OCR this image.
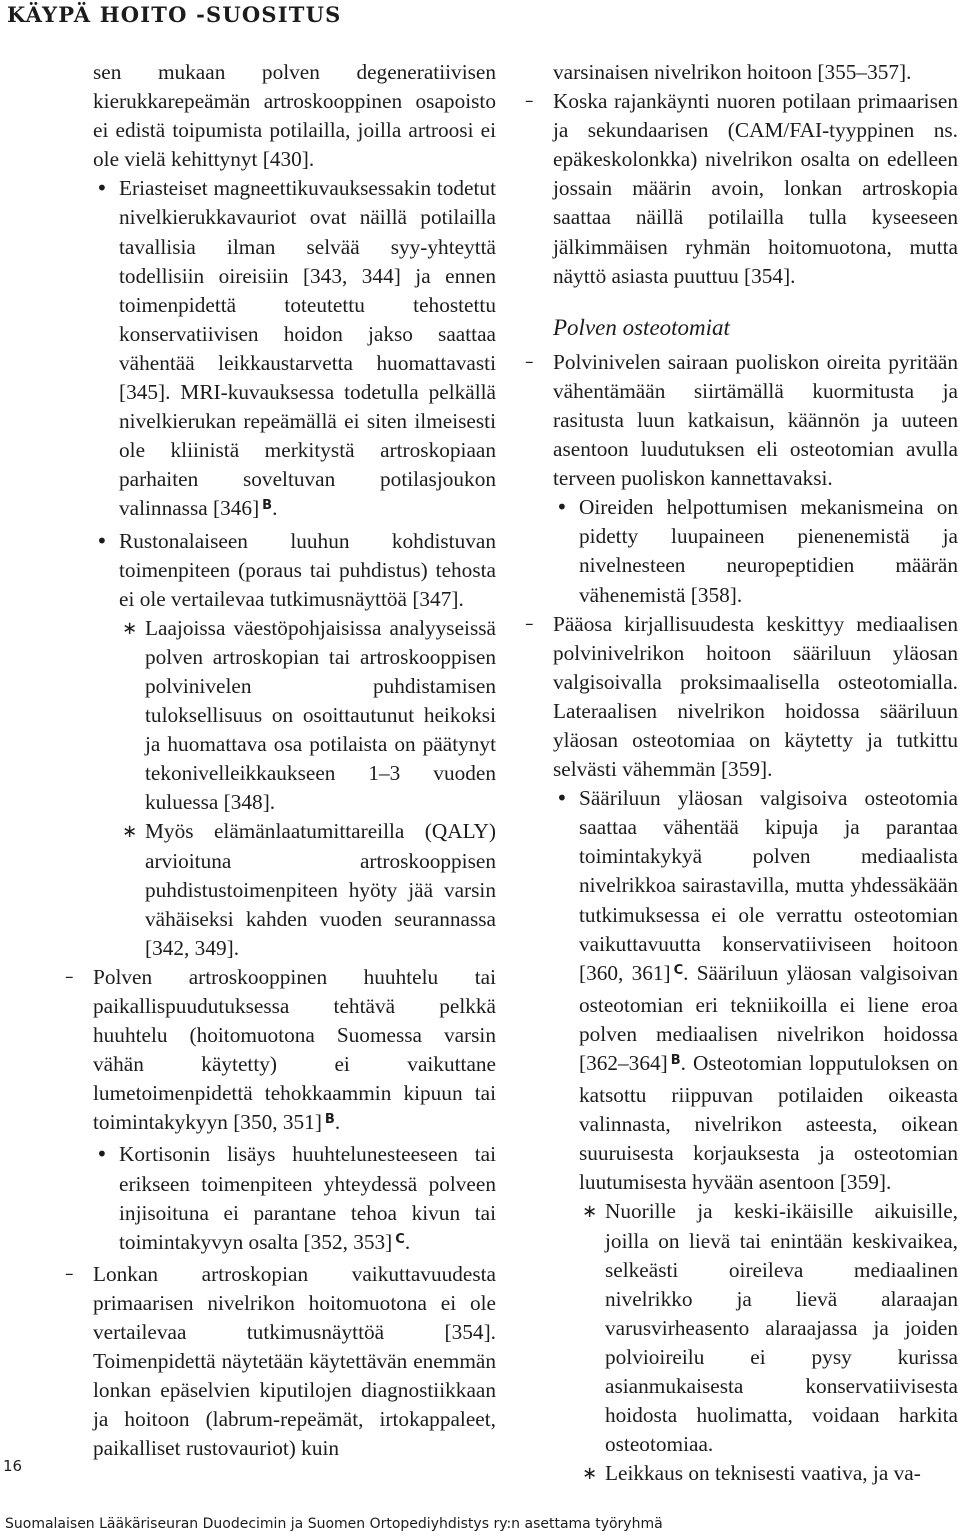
KÄYPÄ HOITO -SUOSITUS
sen mukaan polven degeneratiivisen kierukkarepeämän artroskooppinen osapoisto ei edistä toipumista potilailla, joilla artroosi ei ole vielä kehittynyt [430].
• Eriasteiset magneettikuvauksessakin todetut nivelkierukkavauriot ovat näillä potilailla tavallisia ilman selvää syy-yhteyttä todellisiin oireisiin [343, 344] ja ennen toimenpidettä toteutettu tehostettu konservatiivisen hoidon jakso saattaa vähentää leikkaustarvetta huomattavasti [345]. MRI-kuvauksessa todetulla pelkällä nivelkierukan repeämällä ei siten ilmeisesti ole kliinistä merkitystä artroskopiaan parhaiten soveltuvan potilasjoukon valinnassa [346] $^B$.
• Rustonalaiseen luuhun kohdistuvan toimenpiteen (poraus tai puhdistus) tehosta ei ole vertailevaa tutkimusnäyttöä [347].
∗ Laajoissa väestöpohjaisissa analyyseissä polven artroskopian tai artroskooppisen polvinivelen puhdistamisen tuloksellisuus on osoittautunut heikoksi ja huomattava osa potilaista on päätynyt tekonivelleikkaukseen 1–3 vuoden kuluessa [348].
∗ Myös elämänlaatumittareilla (QALY) arvioituna artroskooppisen puhdistustoimenpiteen hyöty jää varsin vähäiseksi kahden vuoden seurannassa [342, 349].
– Polven artroskooppinen huuhtelu tai paikallispuudutuksessa tehtävä pelkkä huuhtelu (hoitomuotona Suomessa varsin vähän käytetty) ei vaikuttane lumetoimenpidettä tehokkaammin kipuun tai toimintakykyyn [350, 351] $^B$.
• Kortisonin lisäys huuhtelunesteeseen tai erikseen toimenpiteen yhteydessä polveen injisoituna ei parantane tehoa kivun tai toimintakyvyn osalta [352, 353] $^C$.
– Lonkan artroskopian vaikuttavuudesta primaarisen nivelrikon hoitomuotona ei ole vertailevaa tutkimusnäyttöä [354]. Toimenpidettä näytetään käytettävän enemmän lonkan epäselvien kiputilojen diagnostiikkaan ja hoitoon (labrum-repeämät, irtokappaleet, paikalliset rustovauriot) kuin
varsinaisen nivelrikon hoitoon [355–357].
– Koska rajankäynti nuoren potilaan primaarisen ja sekundaarisen (CAM/FAI-tyyppinen ns. epäkeskolonkka) nivelrikon osalta on edelleen jossain määrin avoin, lonkan artroskopia saattaa näillä potilailla tulla kyseeseen jälkimmäisen ryhmän hoitomuotona, mutta näyttö asiasta puuttuu [354].
Polven osteotomiat
– Polvinivelen sairaan puoliskon oireita pyritään vähentämään siirtämällä kuormitusta ja rasitusta luun katkaisun, käännön ja uuteen asentoon luudutuksen eli osteotomian avulla terveen puoliskon kannettavaksi.
• Oireiden helpottumisen mekanismeina on pidetty luupaineen pienenemistä ja nivelnesteen neuropeptidien määrän vähenemistä [358].
– Pääosa kirjallisuudesta keskittyy mediaalisen polvinivelrikon hoitoon sääriluun yläosan valgisoivalla proksimaalisella osteotomialla. Lateraalisen nivelrikon hoidossa sääriluun yläosan osteotomiaa on käytetty ja tutkittu selvästi vähemmän [359].
• Sääriluun yläosan valgisoiva osteotomia saattaa vähentää kipuja ja parantaa toimintakykyä polven mediaalista nivelrikkoa sairastavilla, mutta yhdessäkään tutkimuksessa ei ole verrattu osteotomian vaikuttavuutta konservatiiviseen hoitoon [360, 361] $^C$. Sääriluun yläosan valgisoivan osteotomian eri tekniikoilla ei liene eroa polven mediaalisen nivelrikon hoidossa [362–364] $^B$. Osteotomian lopputuloksen on katsottu riippuvan potilaiden oikeasta valinnasta, nivelrikon asteesta, oikean suuruisesta korjauksesta ja osteotomian luutumisesta hyvään asentoon [359].
∗ Nuorille ja keski-ikäisille aikuisille, joilla on lievä tai enintään keskivaikea, selkeästi oireileva mediaalinen nivelrikko ja lievä alaraajan varusvirheasento alaraajassa ja joiden polvioireilu ei pysy kurissa asianmukaisesta konservatiivisesta hoidosta huolimatta, voidaan harkita osteotomiaa.
∗ Leikkaus on teknisesti vaativa, ja va-
16
Suomalaisen Lääkäriseuran Duodecimin ja Suomen Ortopediyhdistys ry:n asettama työryhmä
